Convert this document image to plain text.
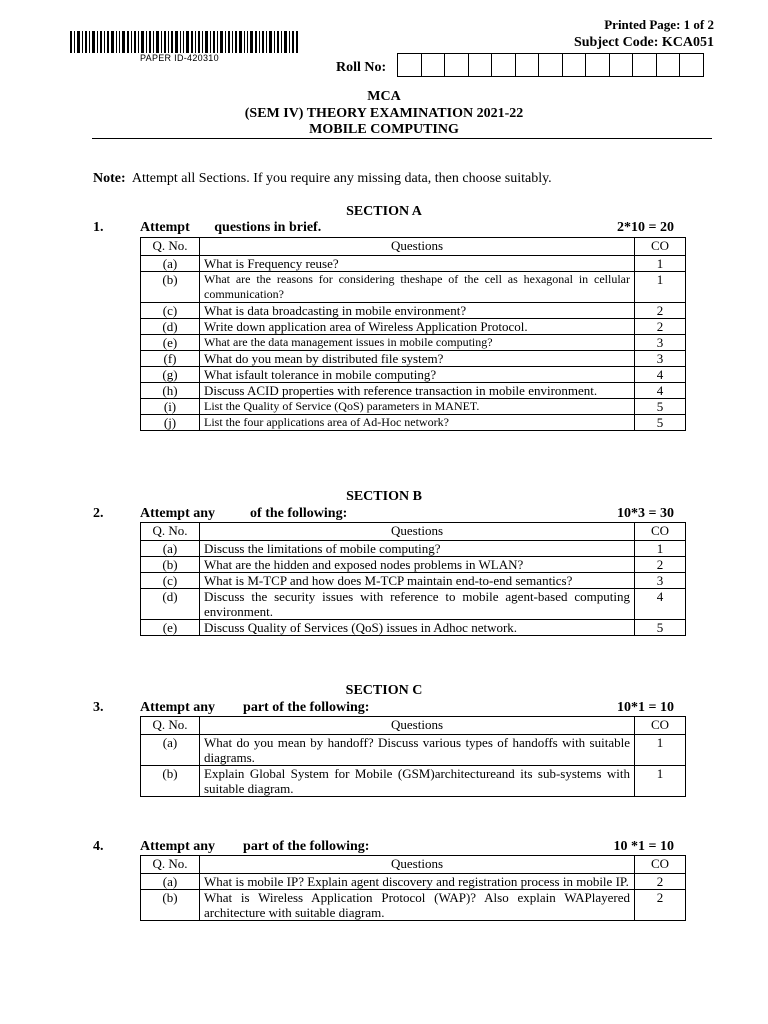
PAPER ID-420310
Printed Page: 1 of 2
Subject Code: KCA051
Roll No:
MCA
(SEM IV) THEORY EXAMINATION 2021-22
MOBILE COMPUTING
Note: Attempt all Sections. If you require any missing data, then choose suitably.
SECTION A
1.	Attempt       questions in brief.	2*10 = 20
Q. No.	Questions	CO
(a)	What is Frequency reuse?	1
(b)	What are the reasons for considering theshape of the cell as hexagonal in cellular communication?	1
(c)	What is data broadcasting in mobile environment?	2
(d)	Write down application area of Wireless Application Protocol.	2
(e)	What are the data management issues in mobile computing?	3
(f)	What do you mean by distributed file system?	3
(g)	What isfault tolerance in mobile computing?	4
(h)	Discuss ACID properties with reference transaction in mobile environment.	4
(i)	List the Quality of Service (QoS) parameters in MANET.	5
(j)	List the four applications area of Ad-Hoc network?	5
SECTION B
2.	Attempt any          of the following:	10*3 = 30
Q. No.	Questions	CO
(a)	Discuss the limitations of mobile computing?	1
(b)	What are the hidden and exposed nodes problems in WLAN?	2
(c)	What is M-TCP and how does M-TCP maintain end-to-end semantics?	3
(d)	Discuss the security issues with reference to mobile agent-based computing environment.	4
(e)	Discuss Quality of Services (QoS) issues in Adhoc network.	5
SECTION C
3.	Attempt any        part of the following:	10*1 = 10
Q. No.	Questions	CO
(a)	What do you mean by handoff? Discuss various types of handoffs with suitable diagrams.	1
(b)	Explain Global System for Mobile (GSM)architectureand its sub-systems with suitable diagram.	1
4.	Attempt any        part of the following:	10 *1 = 10
Q. No.	Questions	CO
(a)	What is mobile IP? Explain agent discovery and registration process in mobile IP.	2
(b)	What is Wireless Application Protocol (WAP)? Also explain WAPlayered architecture with suitable diagram.	2
